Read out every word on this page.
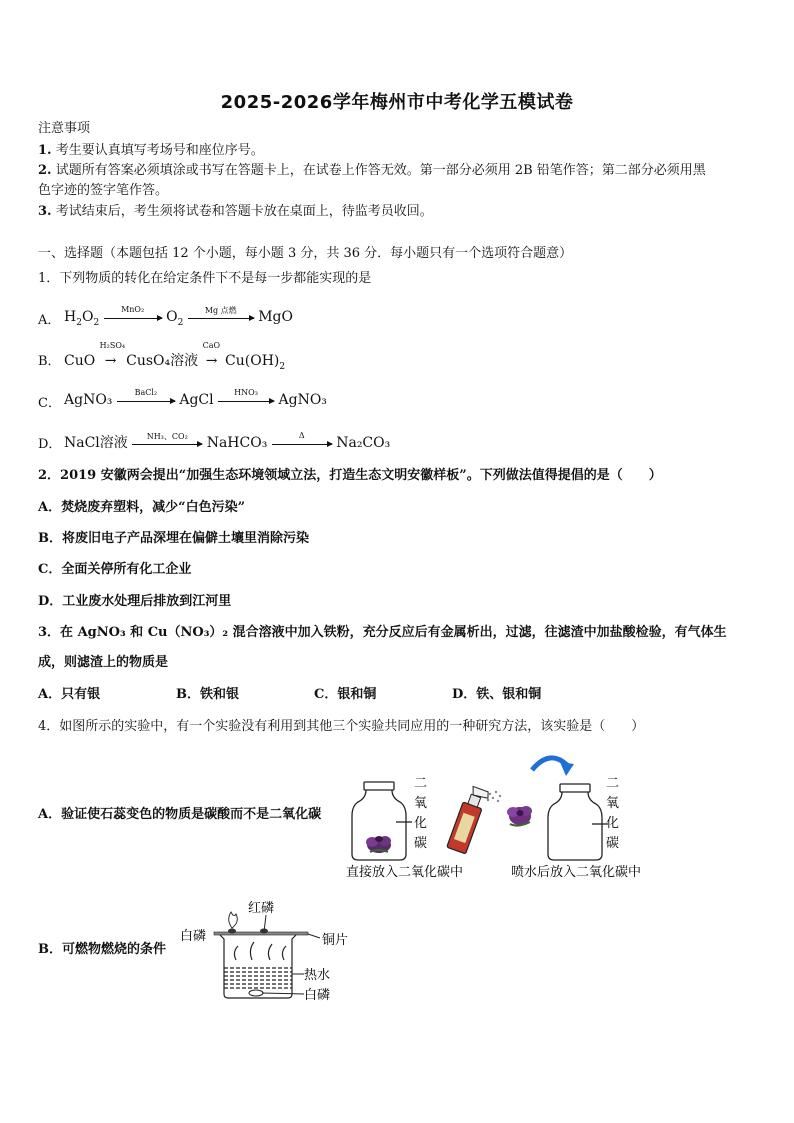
2025-2026学年梅州市中考化学五模试卷
注意事项
1. 考生要认真填写考场号和座位序号。
2. 试题所有答案必须填涂或书写在答题卡上，在试卷上作答无效。第一部分必须用 2B 铅笔作答；第二部分必须用黑
色字迹的签字笔作答。
3. 考试结束后，考生须将试卷和答题卡放在桌面上，待监考员收回。
一、选择题（本题包括 12 个小题，每小题 3 分，共 36 分．每小题只有一个选项符合题意）
1．下列物质的转化在给定条件下不是每一步都能实现的是
A． $H_2O_2$
MnO₂	$O_2$
Mg 点燃	MgO
B． CuO
H₂SO₄
→ CusO₄溶液
CaO
→ $Cu(OH)_2$
C． AgNO₃	BaCl₂	AgCl	HNO₃	AgNO₃
D． NaCl溶液	NH₃、CO₂	NaHCO₃	Δ	Na₂CO₃
2．2019 安徽两会提出“加强生态环境领域立法，打造生态文明安徽样板”。下列做法值得提倡的是（　　）
A．焚烧废弃塑料，减少“白色污染”
B．将废旧电子产品深埋在偏僻土壤里消除污染
C．全面关停所有化工企业
D．工业废水处理后排放到江河里
3．在 AgNO₃ 和 Cu（NO₃）₂ 混合溶液中加入铁粉，充分反应后有金属析出，过滤，往滤渣中加盐酸检验，有气体生
成，则滤渣上的物质是
A．只有银	B．铁和银	C．银和铜	D．铁、银和铜
4．如图所示的实验中，有一个实验没有利用到其他三个实验共同应用的一种研究方法，该实验是（　　）
A．验证使石蕊变色的物质是碳酸而不是二氧化碳
二
氧
化
碳
二
氧
化
碳
直接放入二氧化碳中	喷水后放入二氧化碳中
B．可燃物燃烧的条件
红磷
白磷	铜片
热水
白磷
